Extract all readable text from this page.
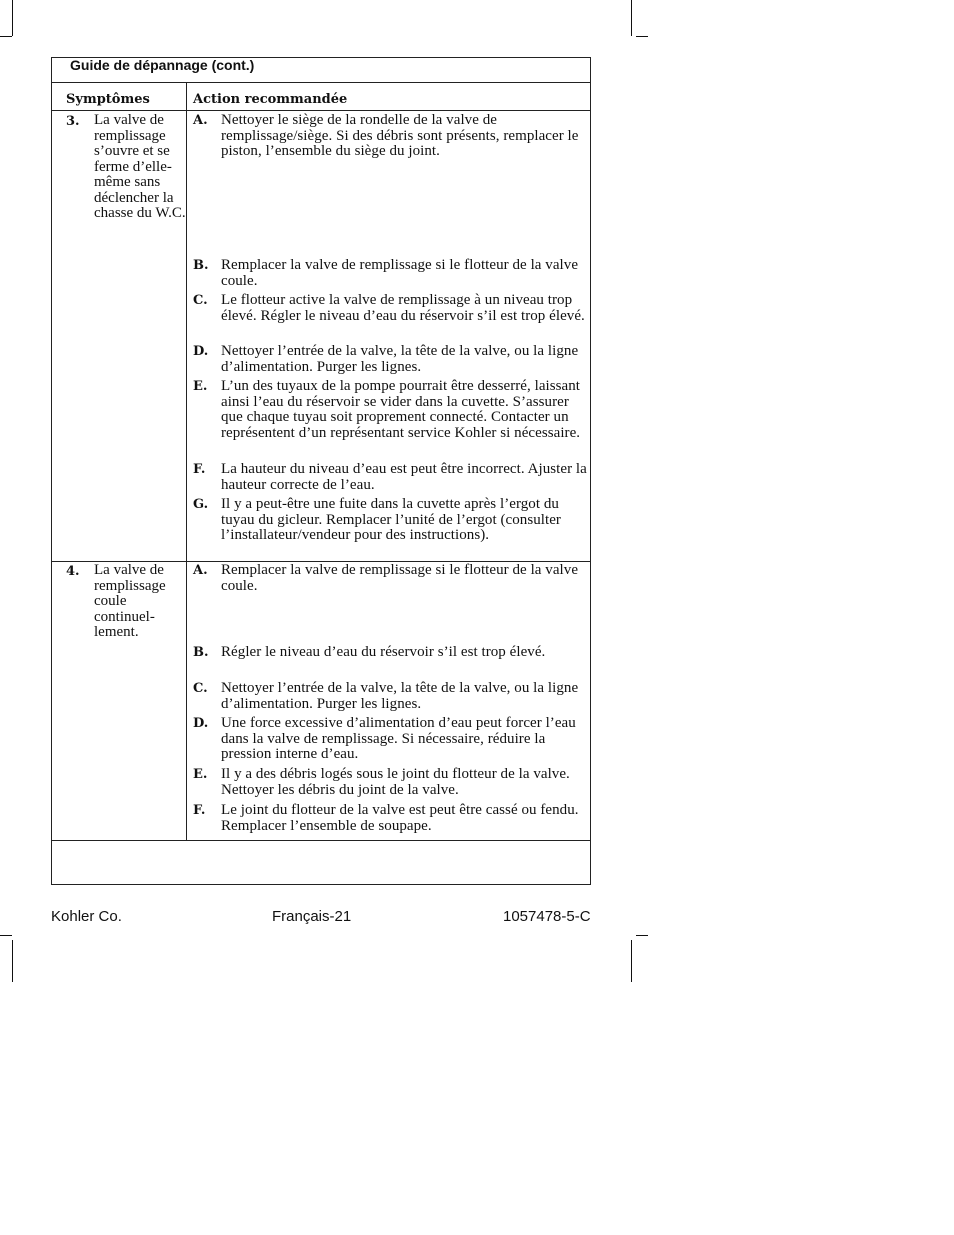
Guide de dépannage (cont.)
Symptômes	Action recommandée
3. La valve de remplissage s’ouvre et se ferme d’elle-même sans déclencher la chasse du W.C.
A. Nettoyer le siège de la rondelle de la valve de remplissage/siège. Si des débris sont présents, remplacer le piston, l’ensemble du siège du joint.
B. Remplacer la valve de remplissage si le flotteur de la valve coule.
C. Le flotteur active la valve de remplissage à un niveau trop élevé. Régler le niveau d’eau du réservoir s’il est trop élevé.
D. Nettoyer l’entrée de la valve, la tête de la valve, ou la ligne d’alimentation. Purger les lignes.
E. L’un des tuyaux de la pompe pourrait être desserré, laissant ainsi l’eau du réservoir se vider dans la cuvette. S’assurer que chaque tuyau soit proprement connecté. Contacter un représentent d’un représentant service Kohler si nécessaire.
F. La hauteur du niveau d’eau est peut être incorrect. Ajuster la hauteur correcte de l’eau.
G. Il y a peut-être une fuite dans la cuvette après l’ergot du tuyau du gicleur. Remplacer l’unité de l’ergot (consulter l’installateur/vendeur pour des instructions).
4. La valve de remplissage coule continuel-lement.
A. Remplacer la valve de remplissage si le flotteur de la valve coule.
B. Régler le niveau d’eau du réservoir s’il est trop élevé.
C. Nettoyer l’entrée de la valve, la tête de la valve, ou la ligne d’alimentation. Purger les lignes.
D. Une force excessive d’alimentation d’eau peut forcer l’eau dans la valve de remplissage. Si nécessaire, réduire la pression interne d’eau.
E. Il y a des débris logés sous le joint du flotteur de la valve. Nettoyer les débris du joint de la valve.
F. Le joint du flotteur de la valve est peut être cassé ou fendu. Remplacer l’ensemble de soupape.
Kohler Co.	Français-21	1057478-5-C
